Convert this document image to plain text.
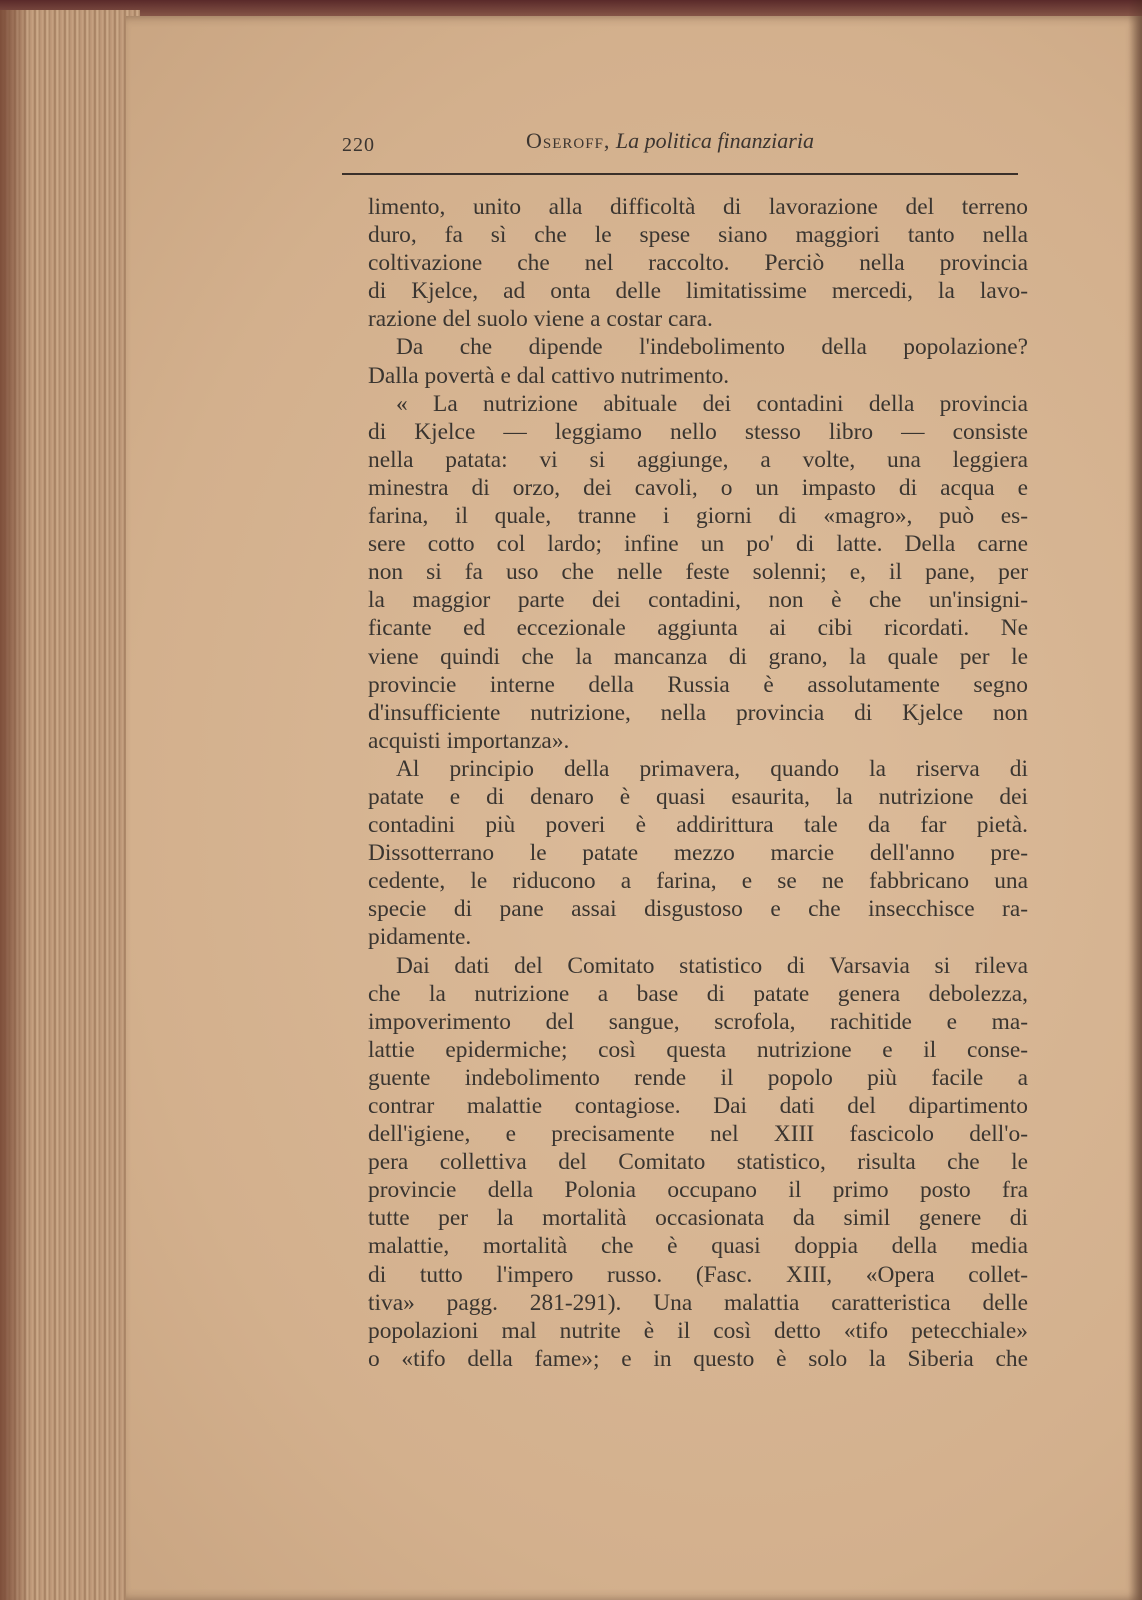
220	Oseroff, La politica finanziaria
limento, unito alla difficoltà di lavorazione del terreno
duro, fa sì che le spese siano maggiori tanto nella
coltivazione che nel raccolto. Perciò nella provincia
di Kjelce, ad onta delle limitatissime mercedi, la lavo-
razione del suolo viene a costar cara.
Da che dipende l'indebolimento della popolazione?
Dalla povertà e dal cattivo nutrimento.
« La nutrizione abituale dei contadini della provincia
di Kjelce — leggiamo nello stesso libro — consiste
nella patata: vi si aggiunge, a volte, una leggiera
minestra di orzo, dei cavoli, o un impasto di acqua e
farina, il quale, tranne i giorni di «magro», può es-
sere cotto col lardo; infine un po' di latte. Della carne
non si fa uso che nelle feste solenni; e, il pane, per
la maggior parte dei contadini, non è che un'insigni-
ficante ed eccezionale aggiunta ai cibi ricordati. Ne
viene quindi che la mancanza di grano, la quale per le
provincie interne della Russia è assolutamente segno
d'insufficiente nutrizione, nella provincia di Kjelce non
acquisti importanza».
Al principio della primavera, quando la riserva di
patate e di denaro è quasi esaurita, la nutrizione dei
contadini più poveri è addirittura tale da far pietà.
Dissotterrano le patate mezzo marcie dell'anno pre-
cedente, le riducono a farina, e se ne fabbricano una
specie di pane assai disgustoso e che insecchisce ra-
pidamente.
Dai dati del Comitato statistico di Varsavia si rileva
che la nutrizione a base di patate genera debolezza,
impoverimento del sangue, scrofola, rachitide e ma-
lattie epidermiche; così questa nutrizione e il conse-
guente indebolimento rende il popolo più facile a
contrar malattie contagiose. Dai dati del dipartimento
dell'igiene, e precisamente nel XIII fascicolo dell'o-
pera collettiva del Comitato statistico, risulta che le
provincie della Polonia occupano il primo posto fra
tutte per la mortalità occasionata da simil genere di
malattie, mortalità che è quasi doppia della media
di tutto l'impero russo. (Fasc. XIII, «Opera collet-
tiva» pagg. 281-291). Una malattia caratteristica delle
popolazioni mal nutrite è il così detto «tifo petecchiale»
o «tifo della fame»; e in questo è solo la Siberia che
